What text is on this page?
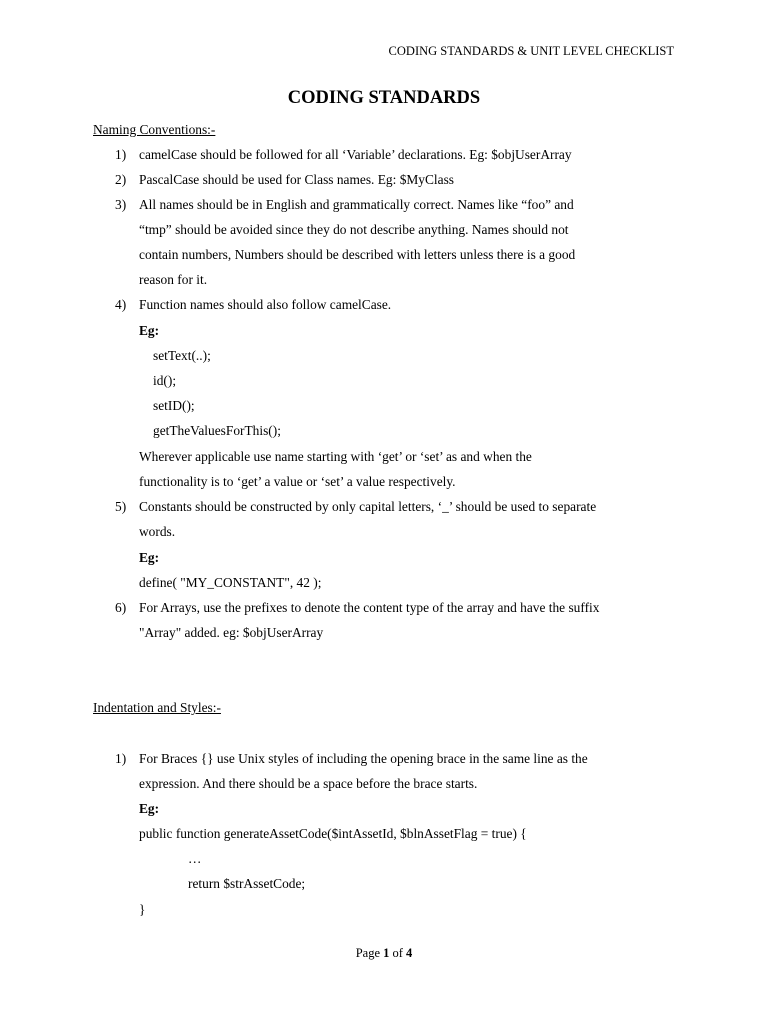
CODING STANDARDS & UNIT LEVEL CHECKLIST
CODING STANDARDS
Naming Conventions:-
1) camelCase should be followed for all ‘Variable’ declarations. Eg: $objUserArray
2) PascalCase should be used for Class names. Eg: $MyClass
3) All names should be in English and grammatically correct. Names like “foo” and
“tmp” should be avoided since they do not describe anything. Names should not
contain numbers, Numbers should be described with letters unless there is a good
reason for it.
4) Function names should also follow camelCase.
Eg:
setText(..);
id();
setID();
getTheValuesForThis();
Wherever applicable use name starting with ‘get’ or ‘set’ as and when the
functionality is to ‘get’ a value or ‘set’ a value respectively.
5) Constants should be constructed by only capital letters, ‘_’ should be used to separate
words.
Eg:
define( "MY_CONSTANT", 42 );
6) For Arrays, use the prefixes to denote the content type of the array and have the suffix
"Array" added. eg: $objUserArray
Indentation and Styles:-
1) For Braces {} use Unix styles of including the opening brace in the same line as the
expression. And there should be a space before the brace starts.
Eg:
public function generateAssetCode($intAssetId, $blnAssetFlag = true) {
…
return $strAssetCode;
}
Page 1 of 4
